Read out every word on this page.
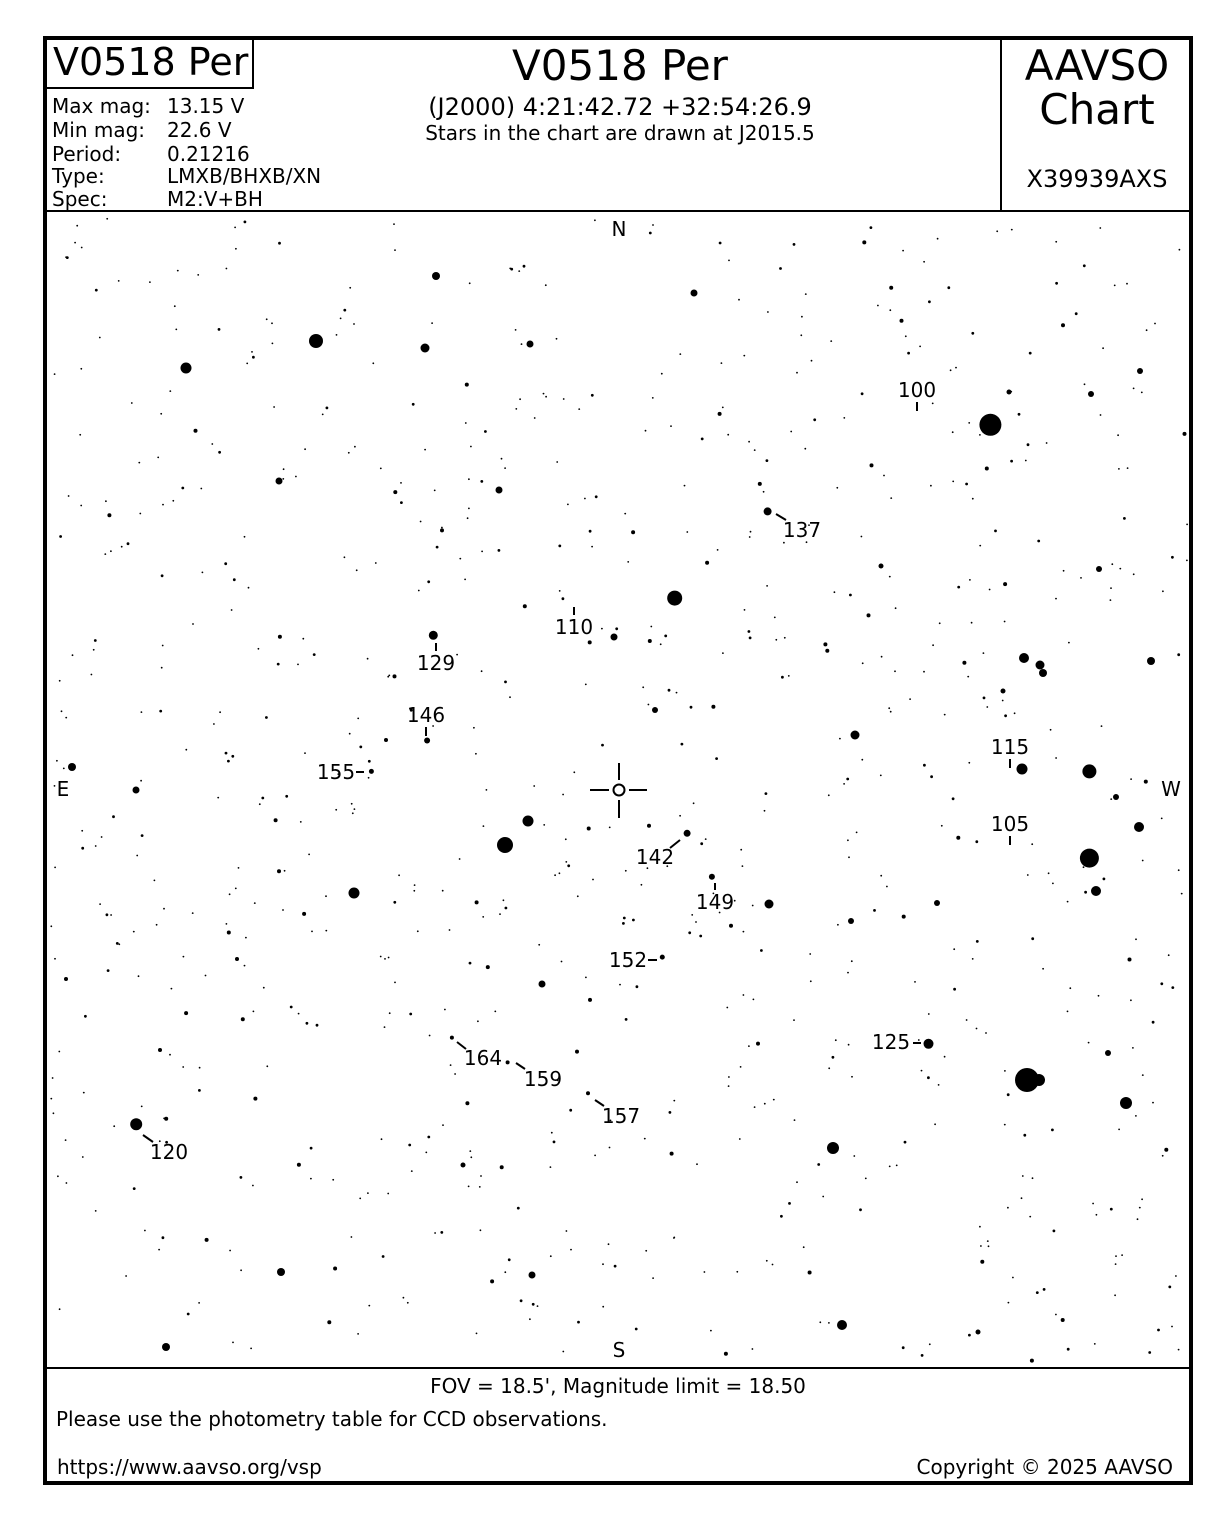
V0518 Per
Max mag: 13.15 V
Min mag: 22.6 V
Period: 0.21216
Type:	LMXB/BHXB/XN
Spec:	M2:V+BH
V0518 Per
(J2000) 4:21:42.72 +32:54:26.9
Stars in the chart are drawn at J2015.5
AAVSO Chart
X39939AXS
100
105
110
115
120
125
129
137
142
146
149
152
155
157
159
164
N
S
E	W
FOV = 18.5', Magnitude limit = 18.50
Please use the photometry table for CCD observations.
https://www.aavso.org/vsp	Copyright © 2025 AAVSO
